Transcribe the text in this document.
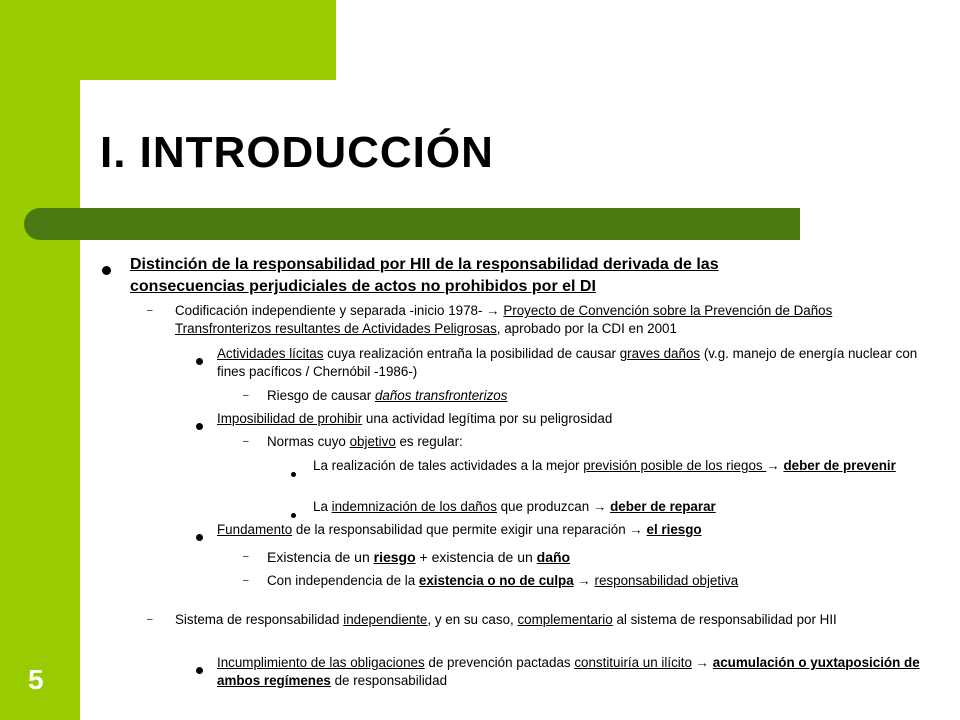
I. INTRODUCCIÓN
5
Distinción de la responsabilidad por HII de la responsabilidad derivada de las consecuencias perjudiciales de actos no prohibidos por el DI
– Codificación independiente y separada -inicio 1978- → Proyecto de Convención sobre la Prevención de Daños Transfronterizos resultantes de Actividades Peligrosas, aprobado por la CDI en 2001
Actividades lícitas cuya realización entraña la posibilidad de causar graves daños (v.g. manejo de energía nuclear con fines pacíficos / Chernóbil -1986-)
– Riesgo de causar daños transfronterizos
Imposibilidad de prohibir una actividad legítima por su peligrosidad
– Normas cuyo objetivo es regular:
La realización de tales actividades a la mejor previsión posible de los riegos → deber de prevenir
La indemnización de los daños que produzcan → deber de reparar
Fundamento de la responsabilidad que permite exigir una reparación → el riesgo
– Existencia de un riesgo + existencia de un daño
– Con independencia de la existencia o no de culpa → responsabilidad objetiva
– Sistema de responsabilidad independiente, y en su caso, complementario al sistema de responsabilidad por HII
Incumplimiento de las obligaciones de prevención pactadas constituiría un ilícito → acumulación o yuxtaposición de ambos regímenes de responsabilidad
